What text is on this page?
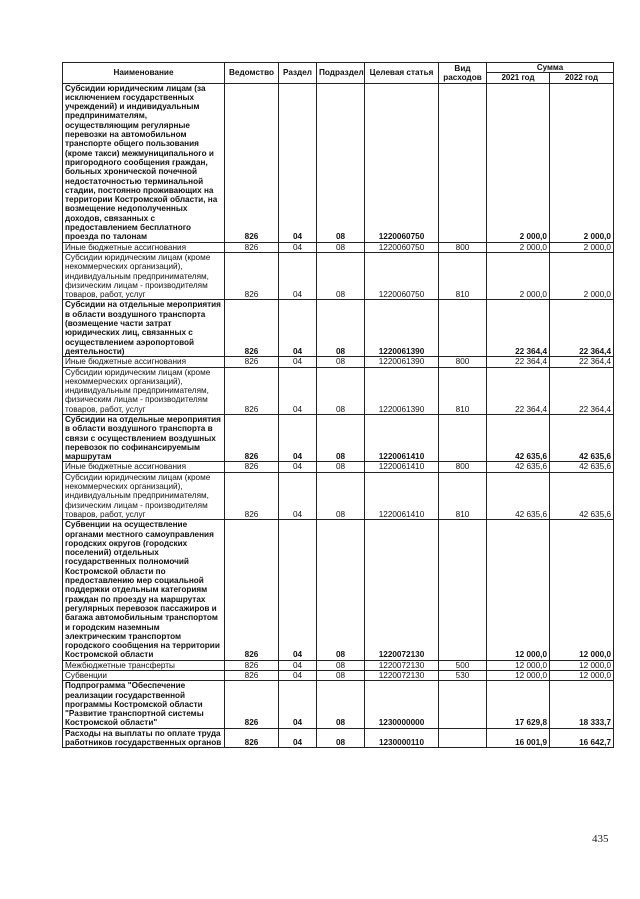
Наименование	Ведомство	Раздел	Подраздел	Целевая статья	Вид расходов	Сумма	
						2021 год	2022 год
Субсидии юридическим лицам (за исключением государственных учреждений) и индивидуальным предпринимателям, осуществляющим регулярные перевозки на автомобильном транспорте общего пользования (кроме такси) межмуниципального и пригородного сообщения граждан, больных хронической почечной недостаточностью терминальной стадии, постоянно проживающих на территории Костромской области, на возмещение недополученных доходов, связанных с предоставлением бесплатного проезда по талонам	826	04	08	1220060750		2 000,0	2 000,0
Иные бюджетные ассигнования	826	04	08	1220060750	800	2 000,0	2 000,0
Субсидии юридическим лицам (кроме некоммерческих организаций), индивидуальным предпринимателям, физическим лицам - производителям товаров, работ, услуг	826	04	08	1220060750	810	2 000,0	2 000,0
Субсидии на отдельные мероприятия в области воздушного транспорта (возмещение части затрат юридических лиц, связанных с осуществлением аэропортовой деятельности)	826	04	08	1220061390		22 364,4	22 364,4
Иные бюджетные ассигнования	826	04	08	1220061390	800	22 364,4	22 364,4
Субсидии юридическим лицам (кроме некоммерческих организаций), индивидуальным предпринимателям, физическим лицам - производителям товаров, работ, услуг	826	04	08	1220061390	810	22 364,4	22 364,4
Субсидии на отдельные мероприятия в области воздушного транспорта в связи с осуществлением воздушных перевозок по софинансируемым маршрутам	826	04	08	1220061410		42 635,6	42 635,6
Иные бюджетные ассигнования	826	04	08	1220061410	800	42 635,6	42 635,6
Субсидии юридическим лицам (кроме некоммерческих организаций), индивидуальным предпринимателям, физическим лицам - производителям товаров, работ, услуг	826	04	08	1220061410	810	42 635,6	42 635,6
Субвенции на осуществление органами местного самоуправления городских округов (городских поселений) отдельных государственных полномочий Костромской области по предоставлению мер социальной поддержки отдельным категориям граждан по проезду на маршрутах регулярных перевозок пассажиров и багажа автомобильным транспортом и городским наземным электрическим транспортом городского сообщения на территории Костромской области	826	04	08	1220072130		12 000,0	12 000,0
Межбюджетные трансферты	826	04	08	1220072130	500	12 000,0	12 000,0
Субвенции	826	04	08	1220072130	530	12 000,0	12 000,0
Подпрограмма "Обеспечение реализации государственной программы Костромской области "Развитие транспортной системы Костромской области"	826	04	08	1230000000		17 629,8	18 333,7
Расходы на выплаты по оплате труда работников государственных органов	826	04	08	1230000110		16 001,9	16 642,7
435
